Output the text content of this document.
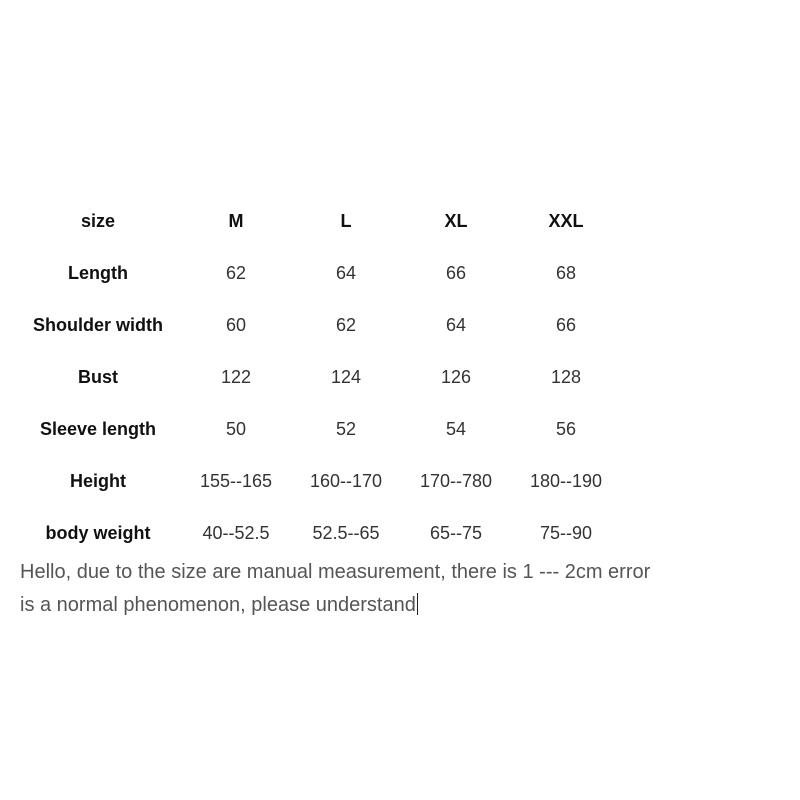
size	M	L	XL	XXL
Length	62	64	66	68
Shoulder width	60	62	64	66
Bust	122	124	126	128
Sleeve length	50	52	54	56
Height	155--165	160--170	170--780	180--190
body weight	40--52.5	52.5--65	65--75	75--90

Hello, due to the size are manual measurement, there is 1 --- 2cm error

is a normal phenomenon, please understand
